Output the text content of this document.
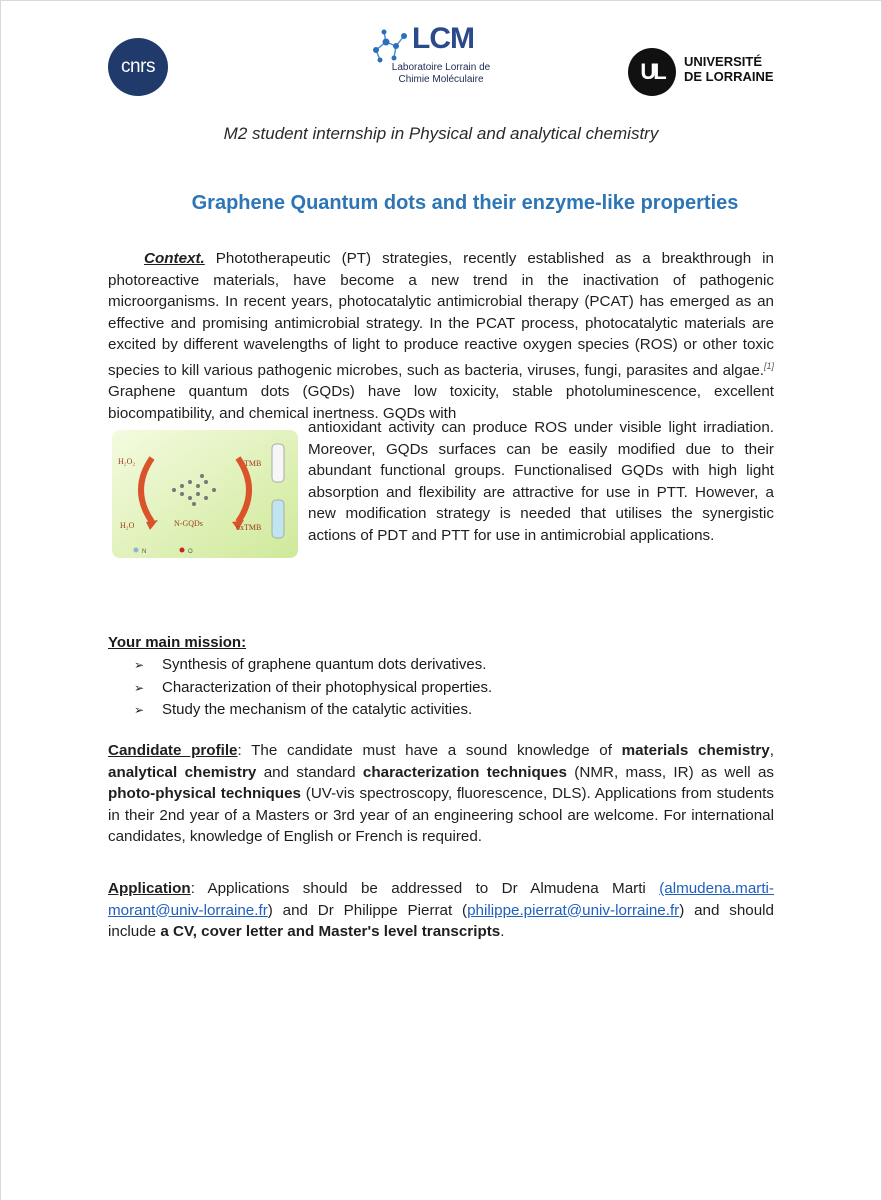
cnrs
LCM
Laboratoire Lorrain de
Chimie Moléculaire	UL	UNIVERSITÉ
DE LORRAINE
M2 student internship in Physical and analytical chemistry
Graphene Quantum dots and their enzyme-like properties
Context. Phototherapeutic (PT) strategies, recently established as a breakthrough in photoreactive materials, have become a new trend in the inactivation of pathogenic microorganisms. In recent years, photocatalytic antimicrobial therapy (PCAT) has emerged as an effective and promising antimicrobial strategy. In the PCAT process, photocatalytic materials are excited by different wavelengths of light to produce reactive oxygen species (ROS) or other toxic species to kill various pathogenic microbes, such as bacteria, viruses, fungi, parasites and algae.[1] Graphene quantum dots (GQDs) have low toxicity, stable photoluminescence, excellent biocompatibility, and chemical inertness. GQDs with
H₂O₂
H₂O
TMB
N-GQDs	oxTMB
N	O
antioxidant activity can produce ROS under visible light irradiation. Moreover, GQDs surfaces can be easily modified due to their abundant functional groups. Functionalised GQDs with high light absorption and flexibility are attractive for use in PTT. However, a new modification strategy is needed that utilises the synergistic actions of PDT and PTT for use in antimicrobial applications.
Your main mission:
➢ Synthesis of graphene quantum dots derivatives.
➢ Characterization of their photophysical properties.
➢ Study the mechanism of the catalytic activities.
Candidate profile: The candidate must have a sound knowledge of materials chemistry, analytical chemistry and standard characterization techniques (NMR, mass, IR) as well as photo-physical techniques (UV-vis spectroscopy, fluorescence, DLS). Applications from students in their 2nd year of a Masters or 3rd year of an engineering school are welcome. For international candidates, knowledge of English or French is required.
Application: Applications should be addressed to Dr Almudena Marti (almudena.marti-morant@univ-lorraine.fr) and Dr Philippe Pierrat (philippe.pierrat@univ-lorraine.fr) and should include a CV, cover letter and Master's level transcripts.
